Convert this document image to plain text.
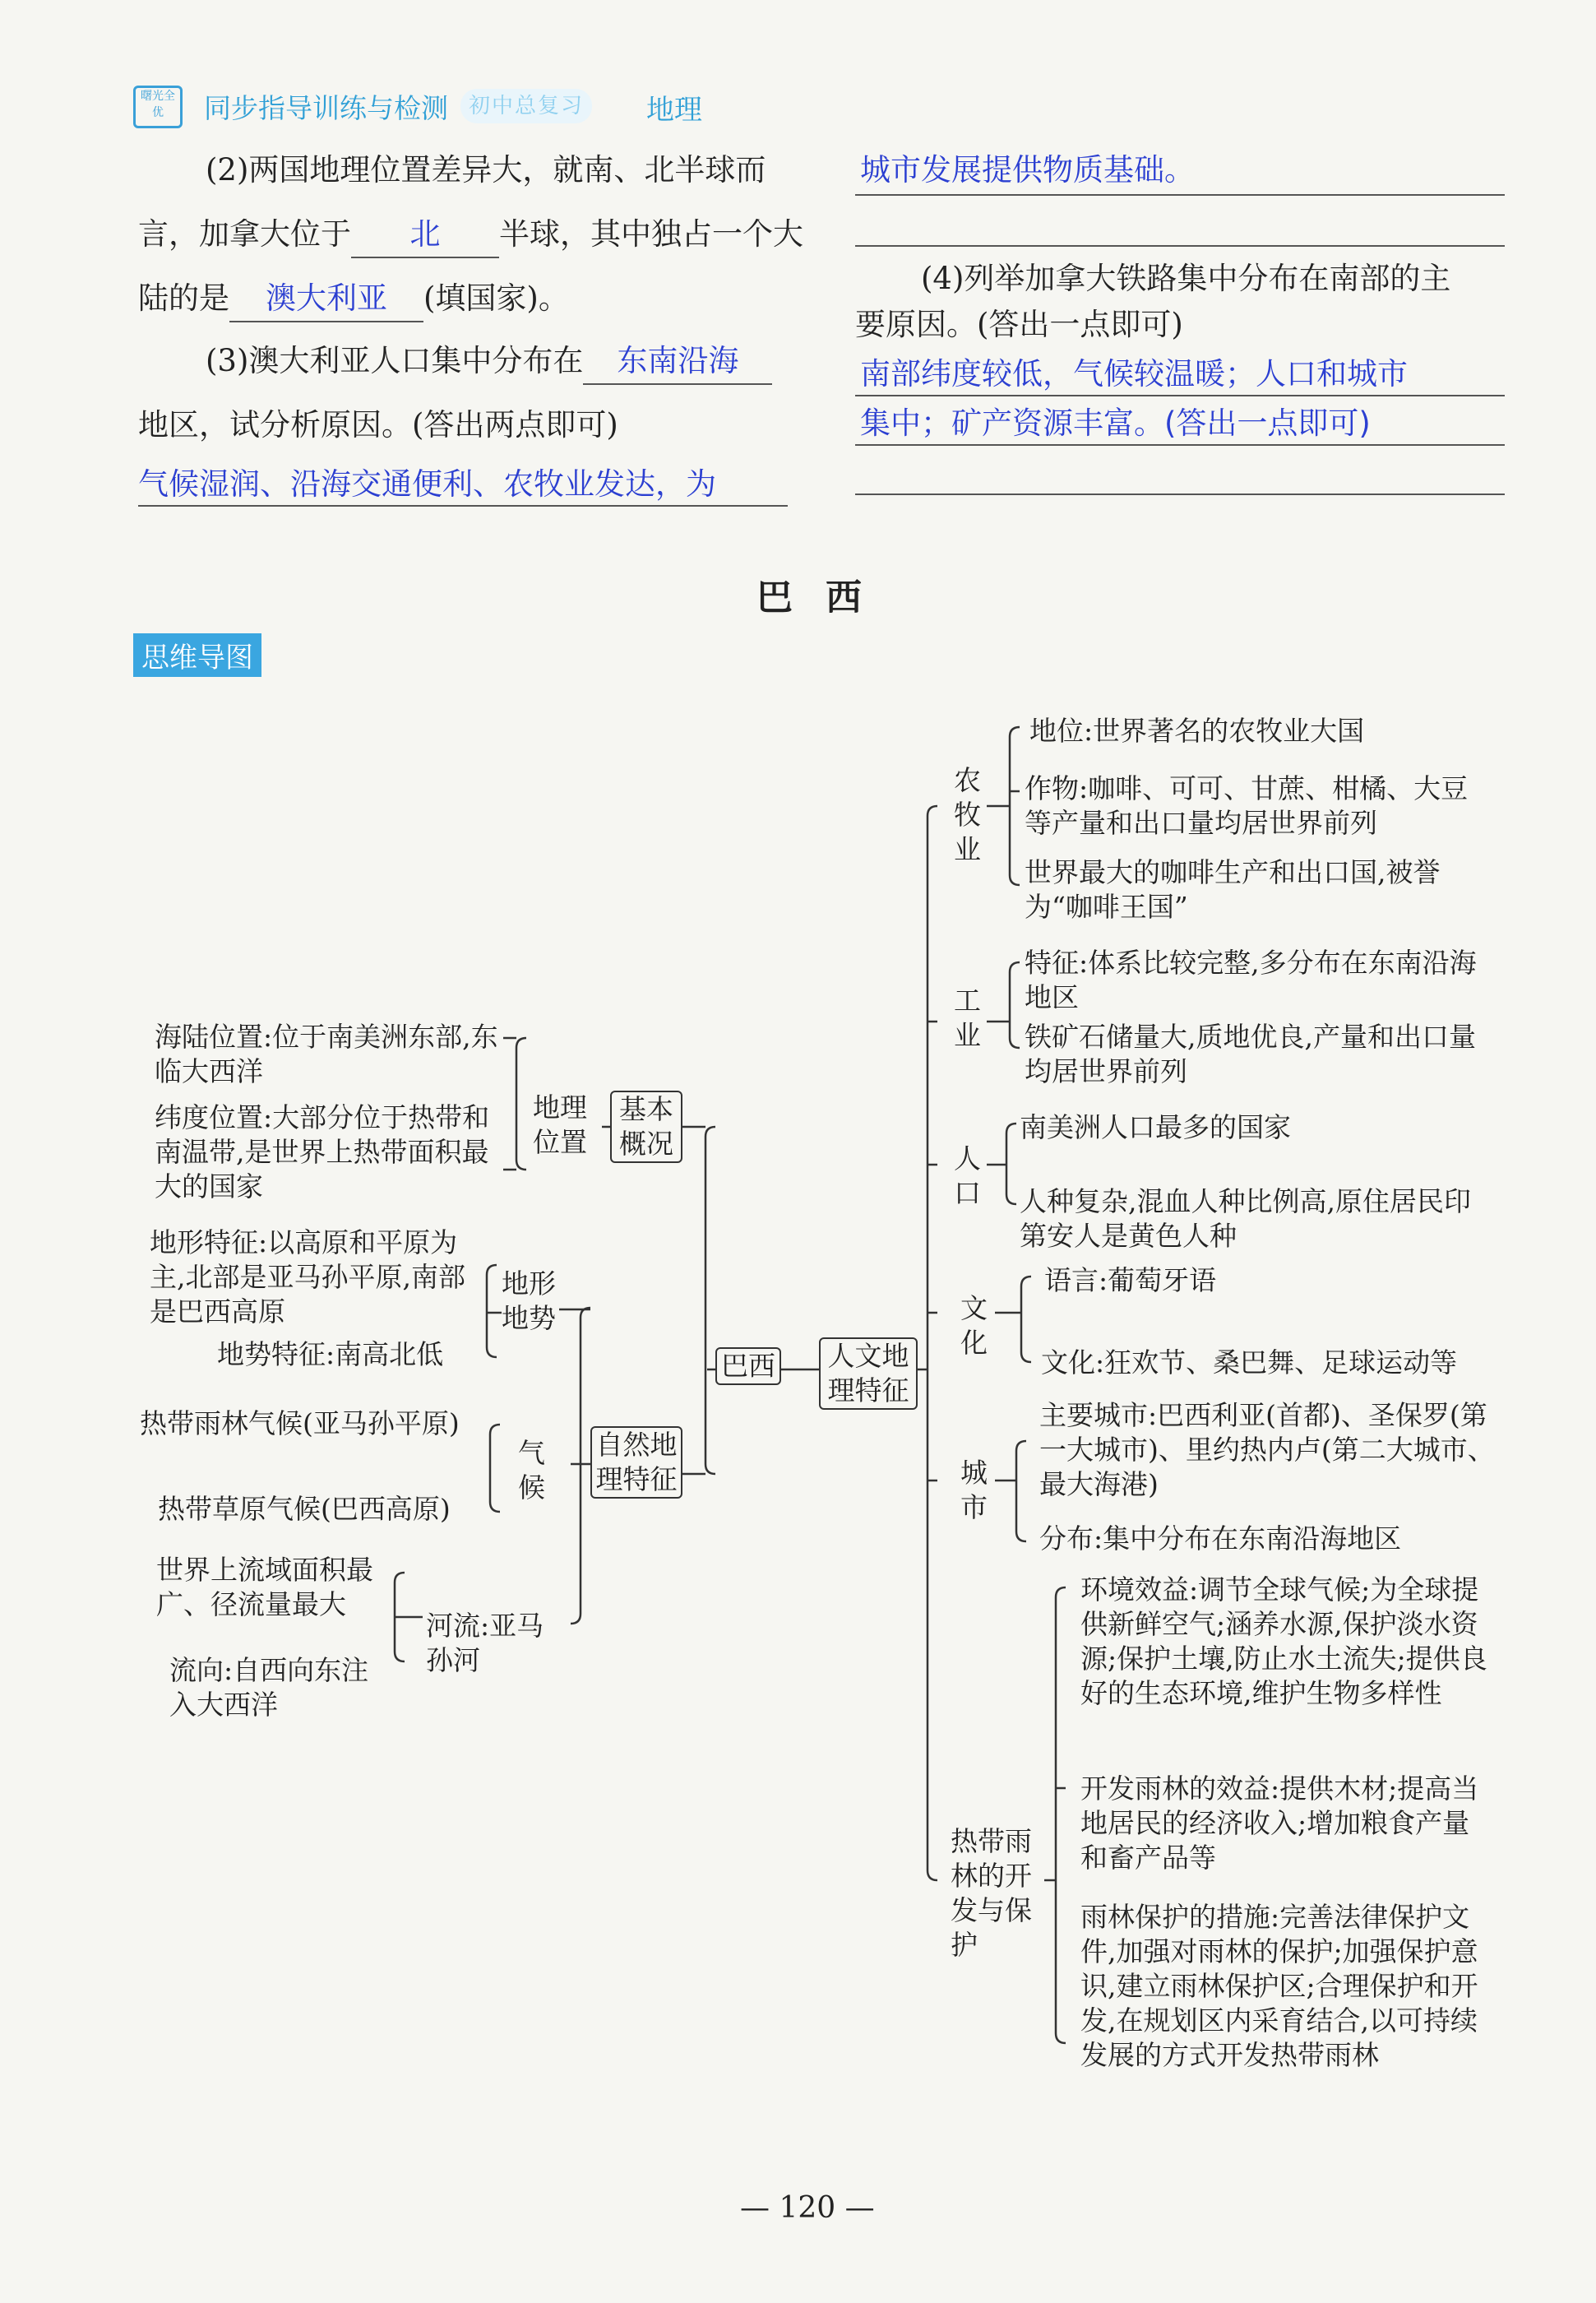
曙光全优	同步指导训练与检测 初中总复习 地理
(2)两国地理位置差异大，就南、北半球而
言，加拿大位于 北 半球，其中独占一个大
陆的是 澳大利亚 (填国家)。
(3)澳大利亚人口集中分布在 东南沿海
地区，试分析原因。(答出两点即可)
气候湿润、沿海交通便利、农牧业发达，为
城市发展提供物质基础。
(4)列举加拿大铁路集中分布在南部的主
要原因。(答出一点即可)
南部纬度较低，气候较温暖；人口和城市
集中；矿产资源丰富。(答出一点即可)
巴西
思维导图
巴西
基本概况
地理位置
海陆位置:位于南美洲东部,东临大西洋
纬度位置:大部分位于热带和南温带,是世界上热带面积最大的国家
自然地理特征
地形地势
地形特征:以高原和平原为主,北部是亚马孙平原,南部是巴西高原
地势特征:南高北低
气候
热带雨林气候(亚马孙平原)
热带草原气候(巴西高原)
河流:亚马孙河
世界上流域面积最广、径流量最大
流向:自西向东注入大西洋
人文地理特征
农牧业
地位:世界著名的农牧业大国
作物:咖啡、可可、甘蔗、柑橘、大豆等产量和出口量均居世界前列
世界最大的咖啡生产和出口国,被誉为“咖啡王国”
工业
特征:体系比较完整,多分布在东南沿海地区
铁矿石储量大,质地优良,产量和出口量均居世界前列
人口
南美洲人口最多的国家
人种复杂,混血人种比例高,原住居民印第安人是黄色人种
文化
语言:葡萄牙语
文化:狂欢节、桑巴舞、足球运动等
城市
主要城市:巴西利亚(首都)、圣保罗(第一大城市)、里约热内卢(第二大城市、最大海港)
分布:集中分布在东南沿海地区
热带雨林的开发与保护
环境效益:调节全球气候;为全球提供新鲜空气;涵养水源,保护淡水资源;保护土壤,防止水土流失;提供良好的生态环境,维护生物多样性
开发雨林的效益:提供木材;提高当地居民的经济收入;增加粮食产量和畜产品等
雨林保护的措施:完善法律保护文件,加强对雨林的保护;加强保护意识,建立雨林保护区;合理保护和开发,在规划区内采育结合,以可持续发展的方式开发热带雨林
— 120 —
